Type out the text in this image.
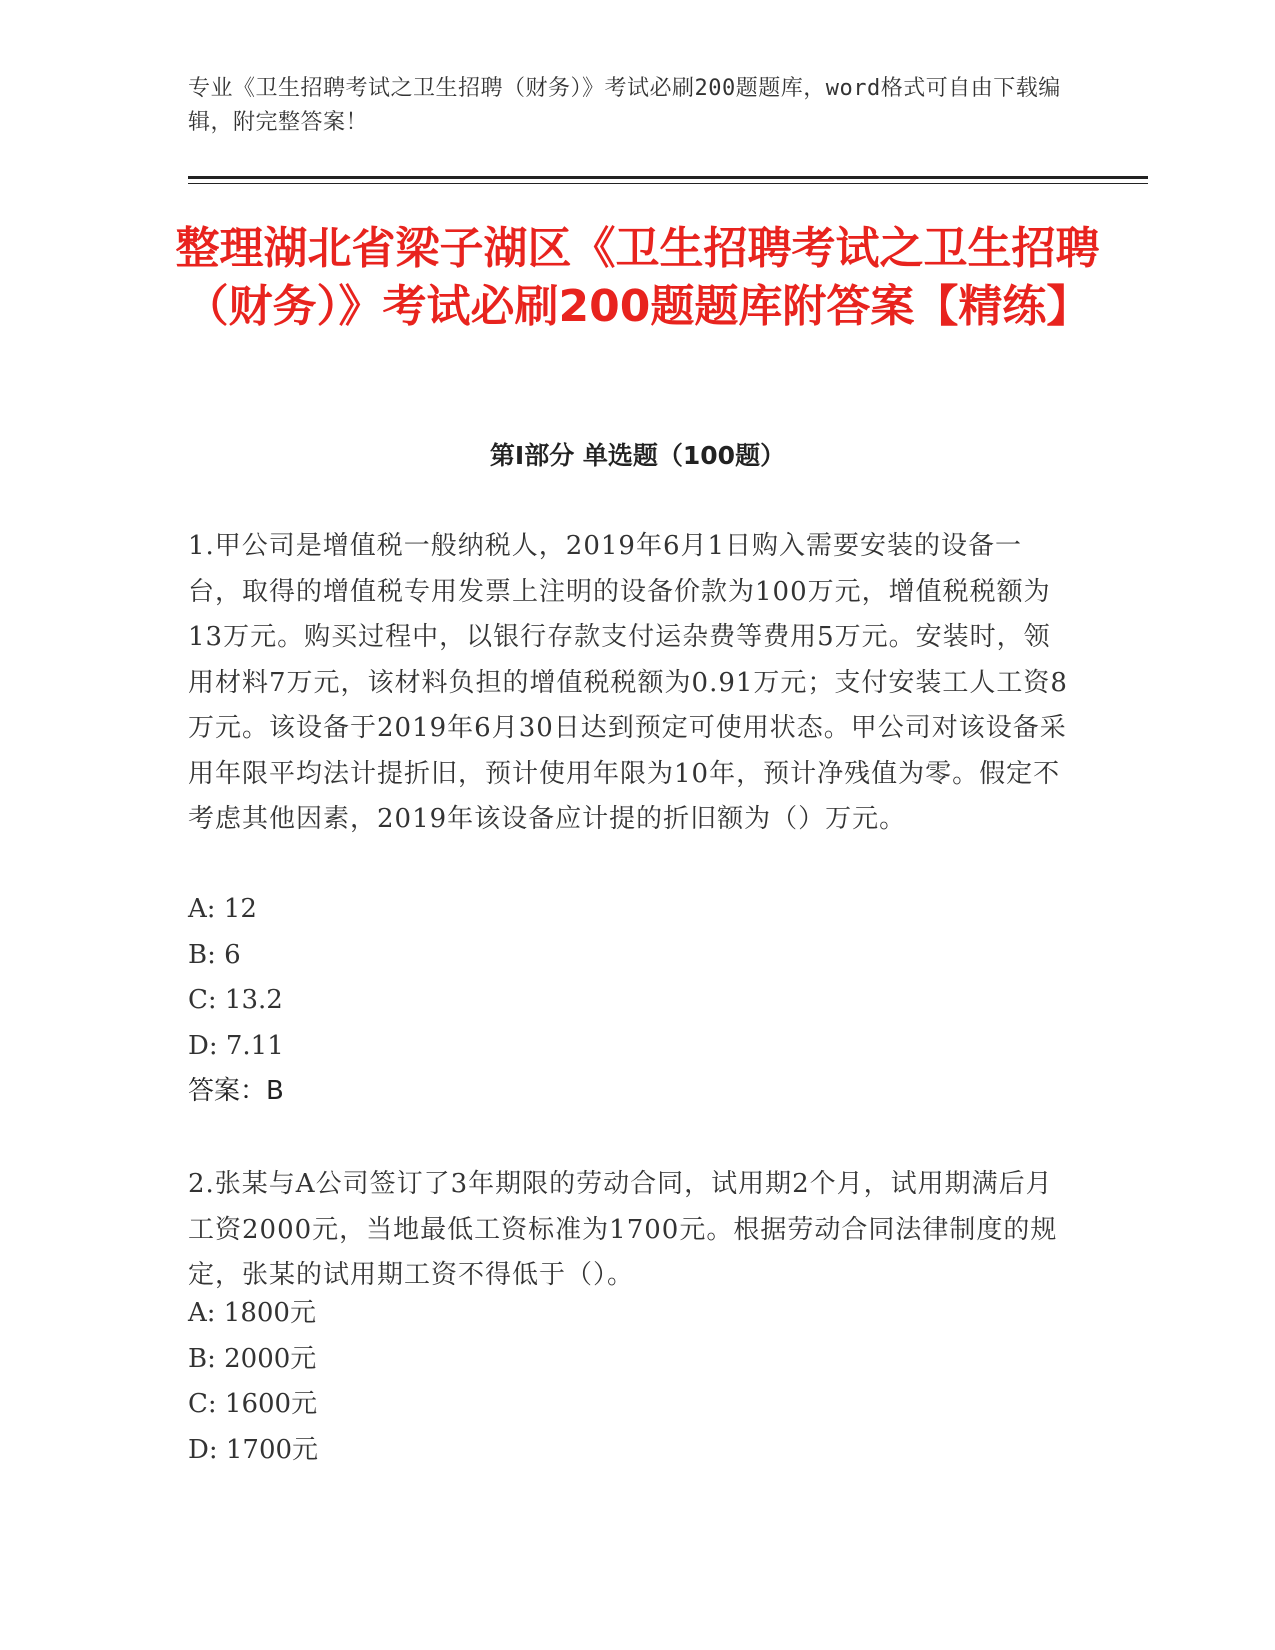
专业《卫生招聘考试之卫生招聘（财务）》考试必刷200题题库，word格式可自由下载编辑，附完整答案！
整理湖北省梁子湖区《卫生招聘考试之卫生招聘（财务）》考试必刷200题题库附答案【精练】
第I部分 单选题（100题）
1.甲公司是增值税一般纳税人，2019年6月1日购入需要安装的设备一台，取得的增值税专用发票上注明的设备价款为100万元，增值税税额为13万元。购买过程中，以银行存款支付运杂费等费用5万元。安装时，领用材料7万元，该材料负担的增值税税额为0.91万元；支付安装工人工资8万元。该设备于2019年6月30日达到预定可使用状态。甲公司对该设备采用年限平均法计提折旧，预计使用年限为10年，预计净残值为零。假定不考虑其他因素，2019年该设备应计提的折旧额为（）万元。
A: 12
B: 6
C: 13.2
D: 7.11
答案：B
2.张某与A公司签订了3年期限的劳动合同，试用期2个月，试用期满后月工资2000元，当地最低工资标准为1700元。根据劳动合同法律制度的规定，张某的试用期工资不得低于（）。
A: 1800元
B: 2000元
C: 1600元
D: 1700元
